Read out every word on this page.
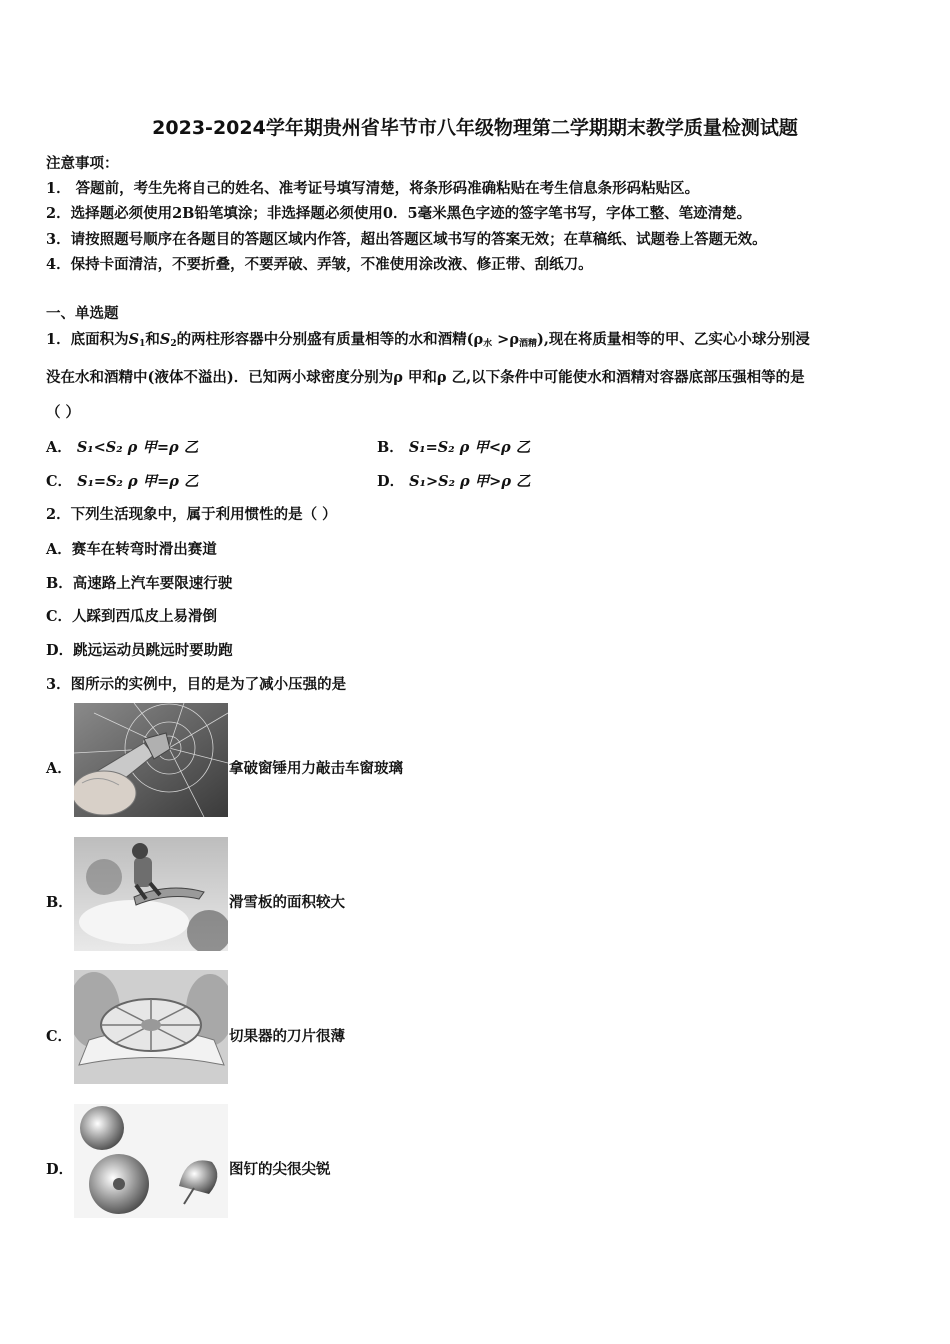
2023-2024学年期贵州省毕节市八年级物理第二学期期末教学质量检测试题
注意事项：
1． 答题前，考生先将自己的姓名、准考证号填写清楚，将条形码准确粘贴在考生信息条形码粘贴区。
2．选择题必须使用2B铅笔填涂；非选择题必须使用0．5毫米黑色字迹的签字笔书写，字体工整、笔迹清楚。
3．请按照题号顺序在各题目的答题区域内作答，超出答题区域书写的答案无效；在草稿纸、试题卷上答题无效。
4．保持卡面清洁，不要折叠，不要弄破、弄皱，不准使用涂改液、修正带、刮纸刀。
一、单选题
1．底面积为$S_1$和$S_2$的两柱形容器中分别盛有质量相等的水和酒精$(\rho_水 >\rho_{酒精})$,现在将质量相等的甲、乙实心小球分别浸
没在水和酒精中(液体不溢出)．已知两小球密度分别为ρ 甲和ρ 乙,以下条件中可能使水和酒精对容器底部压强相等的是
（ ）
A． S₁<S₂ ρ 甲=ρ 乙	B． S₁=S₂ ρ 甲<ρ 乙
C． S₁=S₂ ρ 甲=ρ 乙	D． S₁>S₂ ρ 甲>ρ 乙
2．下列生活现象中，属于利用惯性的是（ ）
A．赛车在转弯时滑出赛道
B．高速路上汽车要限速行驶
C．人踩到西瓜皮上易滑倒
D．跳远运动员跳远时要助跑
3．图所示的实例中，目的是为了减小压强的是
A．	拿破窗锤用力敲击车窗玻璃
B．	滑雪板的面积较大
C．	切果器的刀片很薄
D．	图钉的尖很尖锐
